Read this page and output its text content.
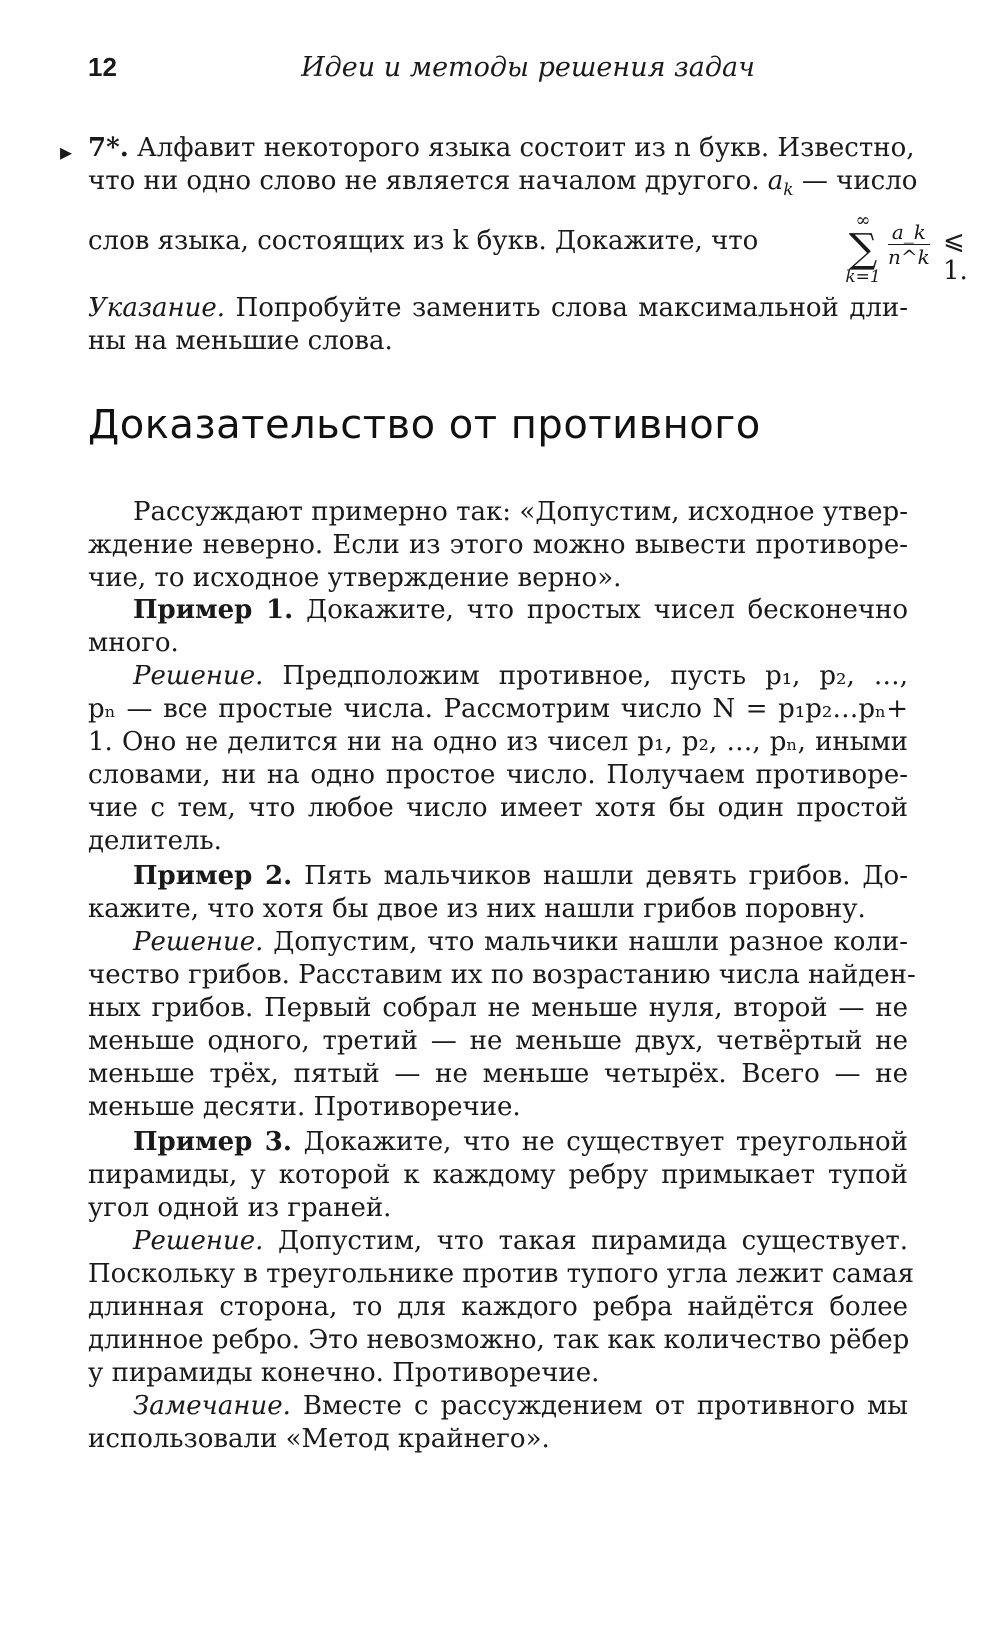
12	Идеи и методы решения задач
▸ 7*. Алфавит некоторого языка состоит из n букв. Известно,
что ни одно слово не является началом другого. $a_k$ — число
слов языка, состоящих из k букв. Докажите, что
∞
∑
k=1
$\frac{a\_k}{n\^{}k}$ ⩽ 1.
Указание. Попробуйте заменить слова максимальной дли-
ны на меньшие слова.
Доказательство от противного
Рассуждают примерно так: «Допустим, исходное утвер-
ждение неверно. Если из этого можно вывести противоре-
чие, то исходное утверждение верно».
Пример 1. Докажите, что простых чисел бесконечно
много.
Решение. Предположим противное, пусть p₁, p₂, …,
pₙ — все простые числа. Рассмотрим число N = p₁p₂…pₙ+
1. Оно не делится ни на одно из чисел p₁, p₂, …, pₙ, иными
словами, ни на одно простое число. Получаем противоре-
чие с тем, что любое число имеет хотя бы один простой
делитель.
Пример 2. Пять мальчиков нашли девять грибов. До-
кажите, что хотя бы двое из них нашли грибов поровну.
Решение. Допустим, что мальчики нашли разное коли-
чество грибов. Расставим их по возрастанию числа найден-
ных грибов. Первый собрал не меньше нуля, второй — не
меньше одного, третий — не меньше двух, четвёртый не
меньше трёх, пятый — не меньше четырёх. Всего — не
меньше десяти. Противоречие.
Пример 3. Докажите, что не существует треугольной
пирамиды, у которой к каждому ребру примыкает тупой
угол одной из граней.
Решение. Допустим, что такая пирамида существует.
Поскольку в треугольнике против тупого угла лежит самая
длинная сторона, то для каждого ребра найдётся более
длинное ребро. Это невозможно, так как количество рёбер
у пирамиды конечно. Противоречие.
Замечание. Вместе с рассуждением от противного мы
использовали «Метод крайнего».
